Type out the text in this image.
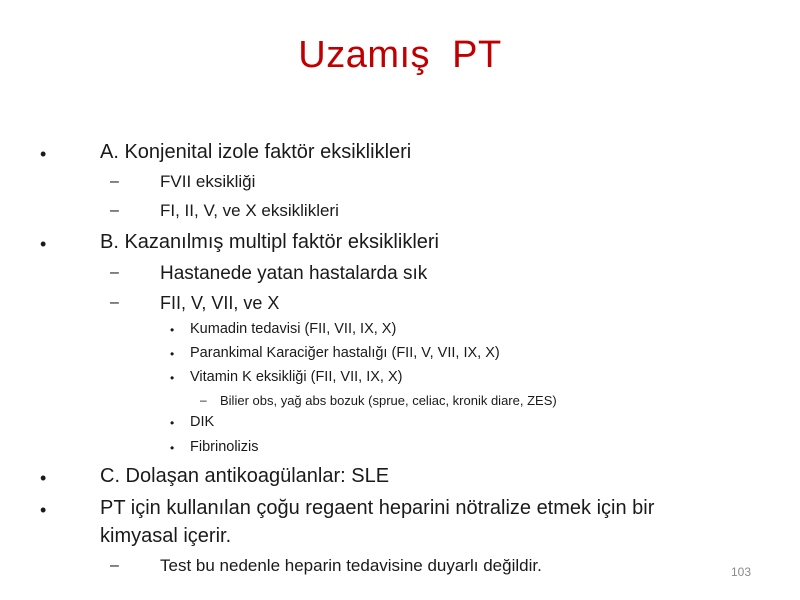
Uzamış  PT
•	A. Konjenital izole faktör eksiklikleri
– FVII eksikliği
– FI, II, V, ve X eksiklikleri
•	B. Kazanılmış multipl faktör eksiklikleri
– Hastanede yatan hastalarda sık
– FII, V, VII, ve X
• Kumadin tedavisi (FII, VII, IX, X)
• Parankimal Karaciğer hastalığı (FII, V, VII, IX, X)
• Vitamin K eksikliği (FII, VII, IX, X)
– Bilier obs, yağ abs bozuk (sprue, celiac, kronik diare, ZES)
• DIK
• Fibrinolizis
•	C. Dolaşan antikoagülanlar: SLE
•	PT için kullanılan çoğu regaent heparini nötralize etmek için bir
kimyasal içerir.
– Test bu nedenle heparin tedavisine duyarlı değildir.	103
